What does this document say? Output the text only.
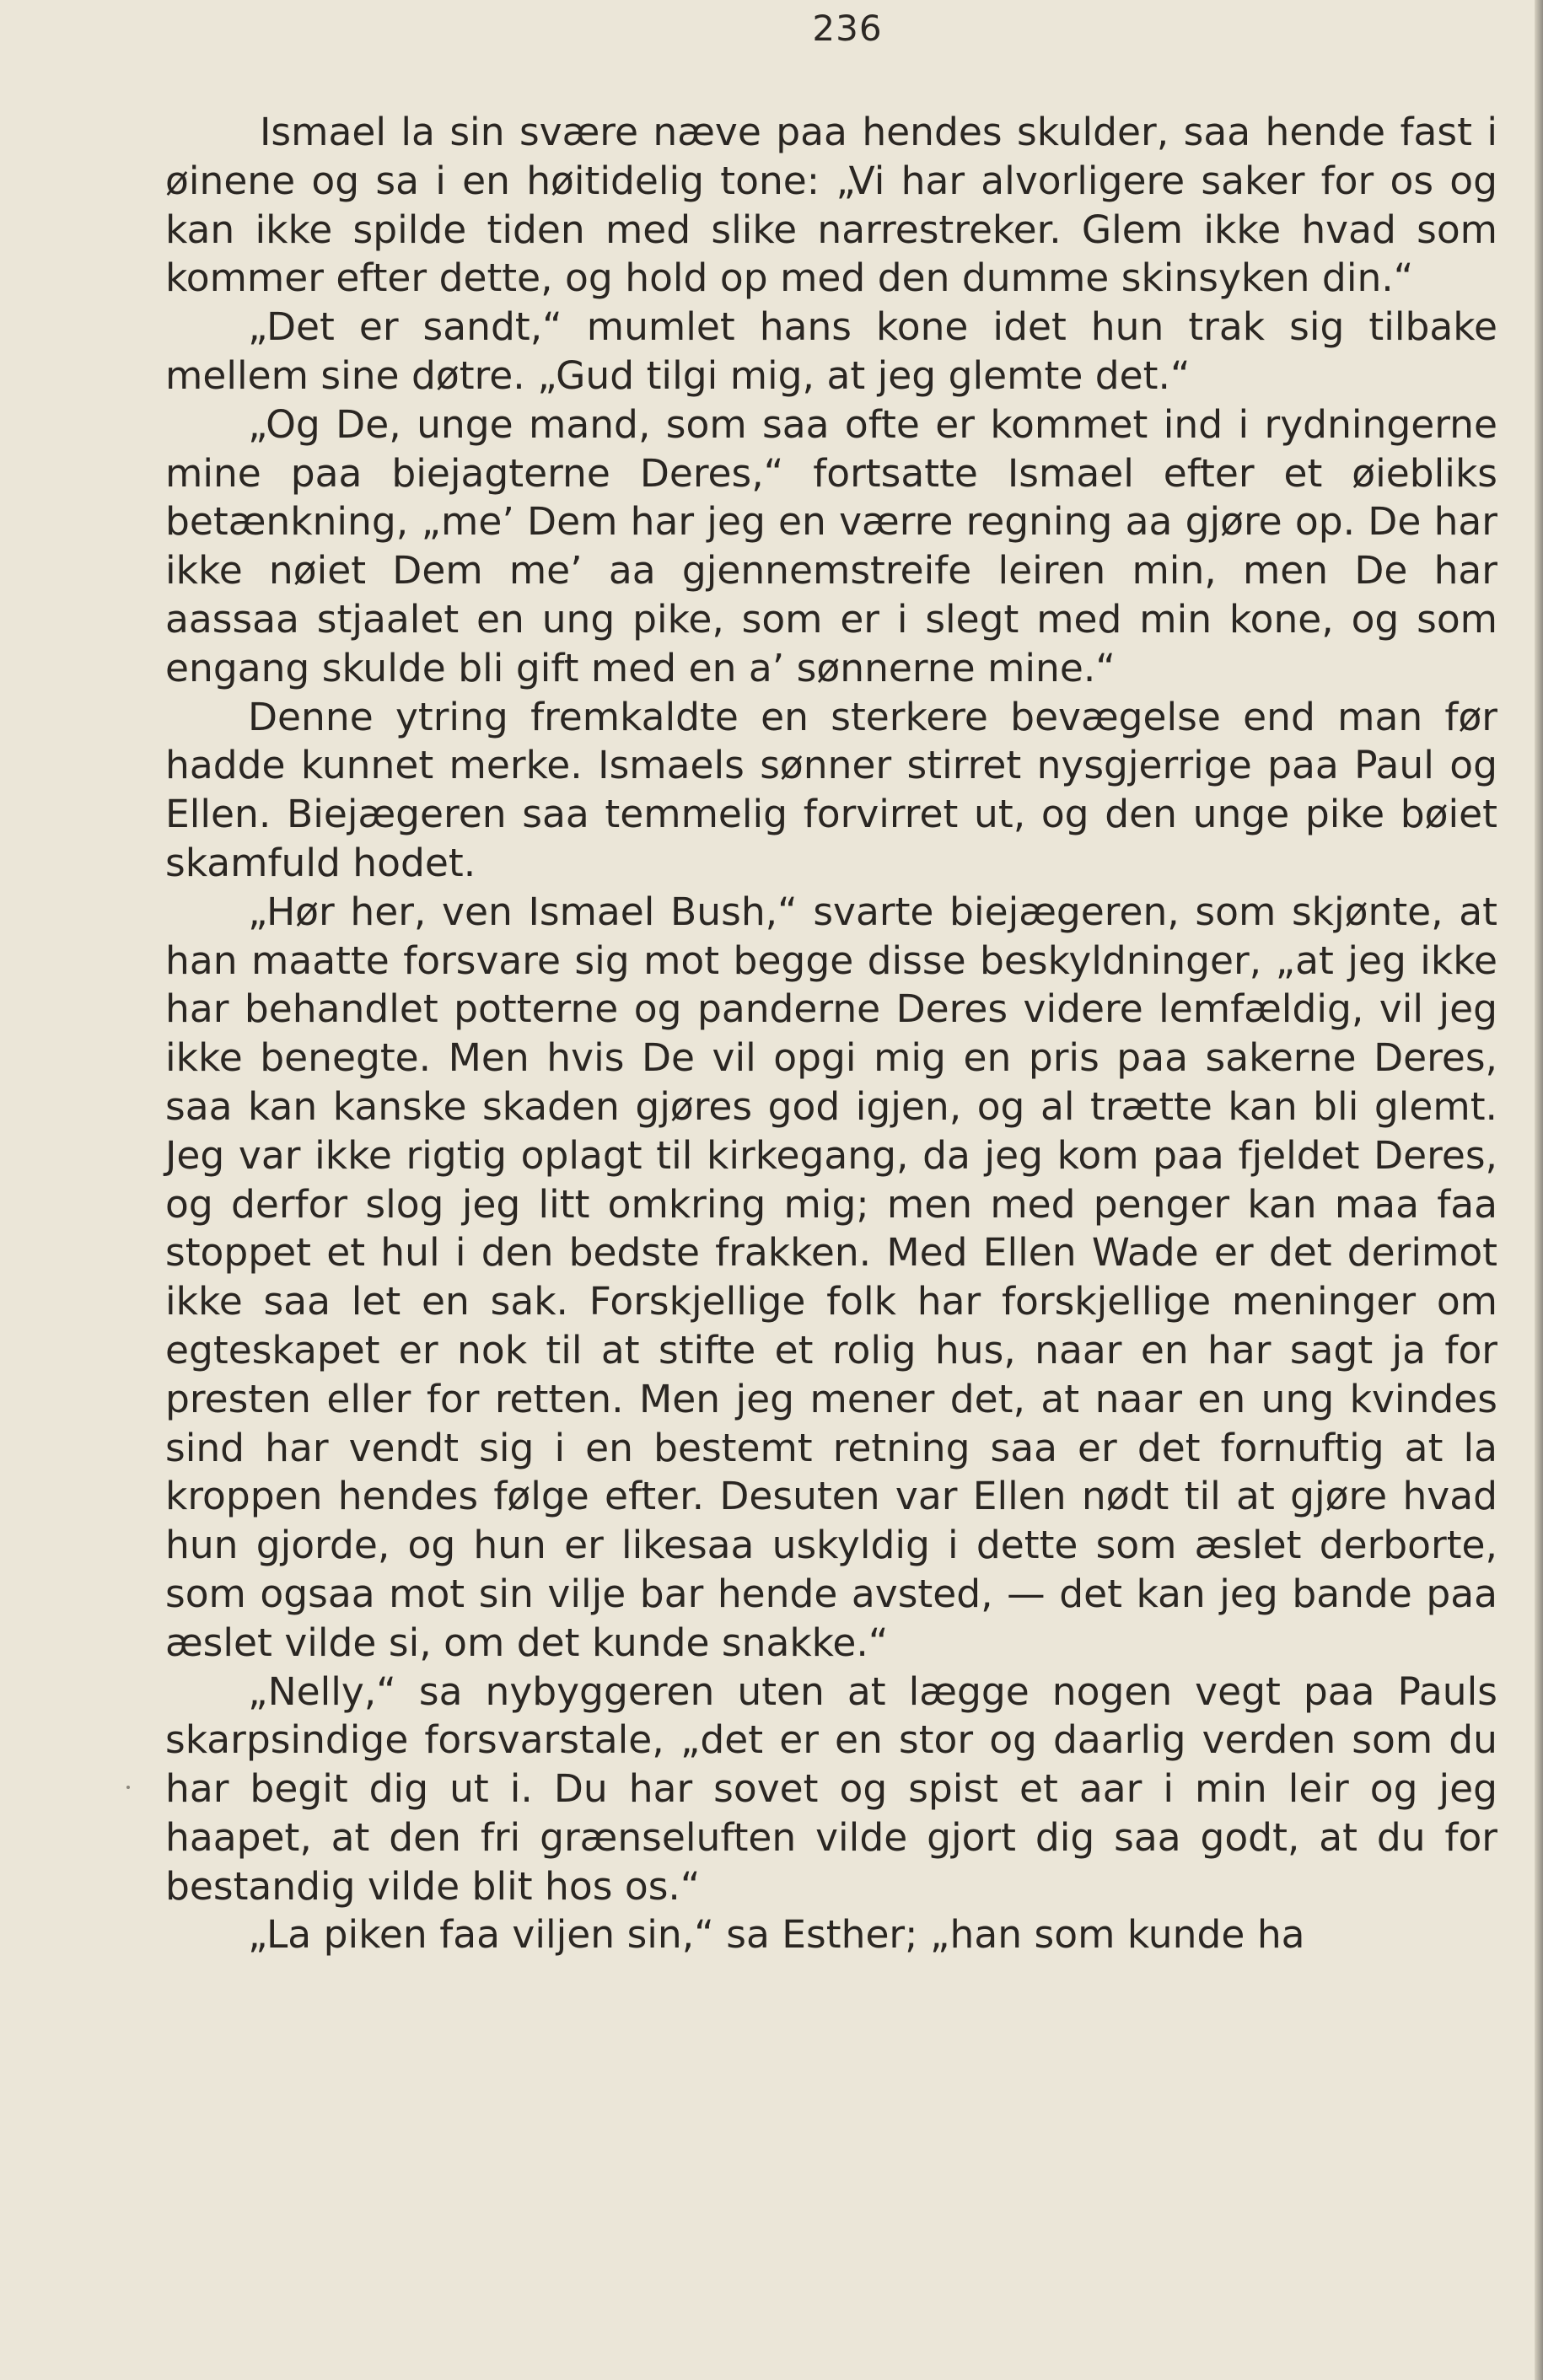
236

Ismael la sin svære næve paa hendes skulder, saa hende fast i øinene og sa i en høitidelig tone: „Vi har alvorligere saker for os og kan ikke spilde tiden med slike narrestreker. Glem ikke hvad som kommer efter dette, og hold op med den dumme skinsyken din.“

„Det er sandt,“ mumlet hans kone idet hun trak sig tilbake mellem sine døtre. „Gud tilgi mig, at jeg glemte det.“

„Og De, unge mand, som saa ofte er kommet ind i rydningerne mine paa biejagterne Deres,“ fortsatte Ismael efter et øiebliks betænkning, „me’ Dem har jeg en værre regning aa gjøre op. De har ikke nøiet Dem me’ aa gjennemstreife leiren min, men De har aassaa stjaalet en ung pike, som er i slegt med min kone, og som engang skulde bli gift med en a’ sønnerne mine.“

Denne ytring fremkaldte en sterkere bevægelse end man før hadde kunnet merke. Ismaels sønner stirret nysgjerrige paa Paul og Ellen. Biejægeren saa temmelig forvirret ut, og den unge pike bøiet skamfuld hodet.

„Hør her, ven Ismael Bush,“ svarte biejægeren, som skjønte, at han maatte forsvare sig mot begge disse beskyldninger, „at jeg ikke har behandlet potterne og panderne Deres videre lemfældig, vil jeg ikke benegte. Men hvis De vil opgi mig en pris paa sakerne Deres, saa kan kanske skaden gjøres god igjen, og al trætte kan bli glemt. Jeg var ikke rigtig oplagt til kirkegang, da jeg kom paa fjeldet Deres, og derfor slog jeg litt omkring mig; men med penger kan maa faa stoppet et hul i den bedste frakken. Med Ellen Wade er det derimot ikke saa let en sak. Forskjellige folk har forskjellige meninger om egteskapet er nok til at stifte et rolig hus, naar en har sagt ja for presten eller for retten. Men jeg mener det, at naar en ung kvindes sind har vendt sig i en bestemt retning saa er det fornuftig at la kroppen hendes følge efter. Desuten var Ellen nødt til at gjøre hvad hun gjorde, og hun er likesaa uskyldig i dette som æslet derborte, som ogsaa mot sin vilje bar hende avsted, — det kan jeg bande paa æslet vilde si, om det kunde snakke.“

„Nelly,“ sa nybyggeren uten at lægge nogen vegt paa Pauls skarpsindige forsvarstale, „det er en stor og daarlig verden som du har begit dig ut i. Du har sovet og spist et aar i min leir og jeg haapet, at den fri grænseluften vilde gjort dig saa godt, at du for bestandig vilde blit hos os.“

„La piken faa viljen sin,“ sa Esther; „han som kunde ha
